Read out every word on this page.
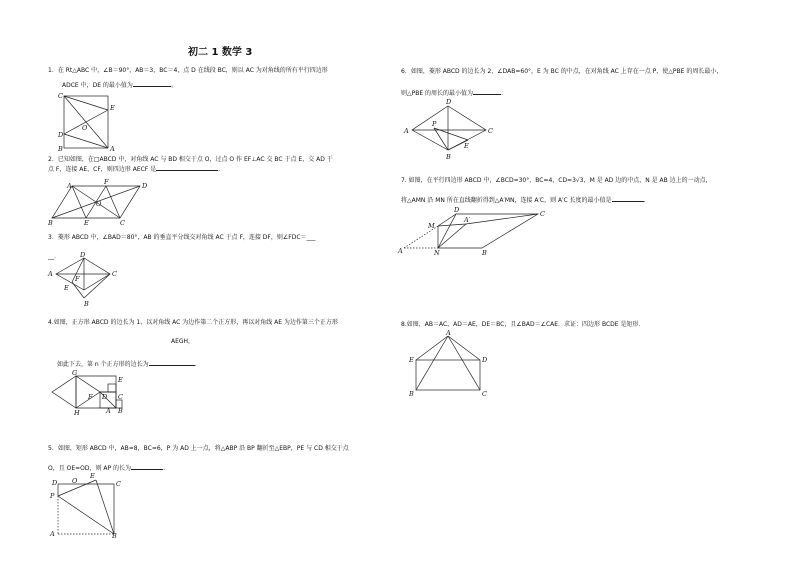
初二 1 数学 3
1．在 Rt△ABC 中，∠B＝90°，AB＝3，BC＝4，点 D 在线段 BC，则以 AC 为对角线的所有平行四边形
ADCE 中，DE 的最小值为	。
C
D
O
E
B	A
2．已知如图，在□ABCD 中，对角线 AC 与 BD 相交于点 O，过点 O 作 EF⊥AC 交 BC 于点 E，交 AD 于
点 F，连接 AE、CF，则四边形 AECF 是	.
A	F	D
O
B	E	C
3．菱形 ABCD 中，∠BAD＝80°，AB 的垂直平分线交对角线 AC 于点 F，连接 DF，则∠FDC＝___
__.	D
A
F
C
E
B
4.如图，正方形 ABCD 的边长为 1，以对角线 AC 为边作第二个正方形，再以对角线 AE 为边作第三个正方形
AEGH，
如此下去，第 n 个正方形的边长为	.
G
F
E
D C
B
A
H
5．如图，矩形 ABCD 中，AB=8，BC=6，P 为 AD 上一点，将△ABP 沿 BP 翻折至△EBP，PE 与 CD 相交于点
O，且 OE=OD，则 AP 的长为	.
D O	C
P
E
A	B
6．如图，菱形 ABCD 的边长为 2，∠DAB=60°，E 为 BC 的中点，在对角线 AC 上存在一点 P，使△PBE 的周长最小，
则△PBE 的周长的最小值为	.
D
A
P
C
E
B
7. 如图，在平行四边形 ABCD 中，∠BCD=30°，BC=4，CD=3√3，M 是 AD 边的中点，N 是 AB 边上的一动点，
将△AMN 沿 MN 所在直线翻折得到△A′MN，连接 A′C，则 A′C 长度的最小值是	.
D	C
M
A′
A	N	B
8.如图，AB＝AC，AD＝AE，DE＝BC，且∠BAD＝∠CAE．求证：四边形 BCDE 是矩形．
A
E	D
B	C
